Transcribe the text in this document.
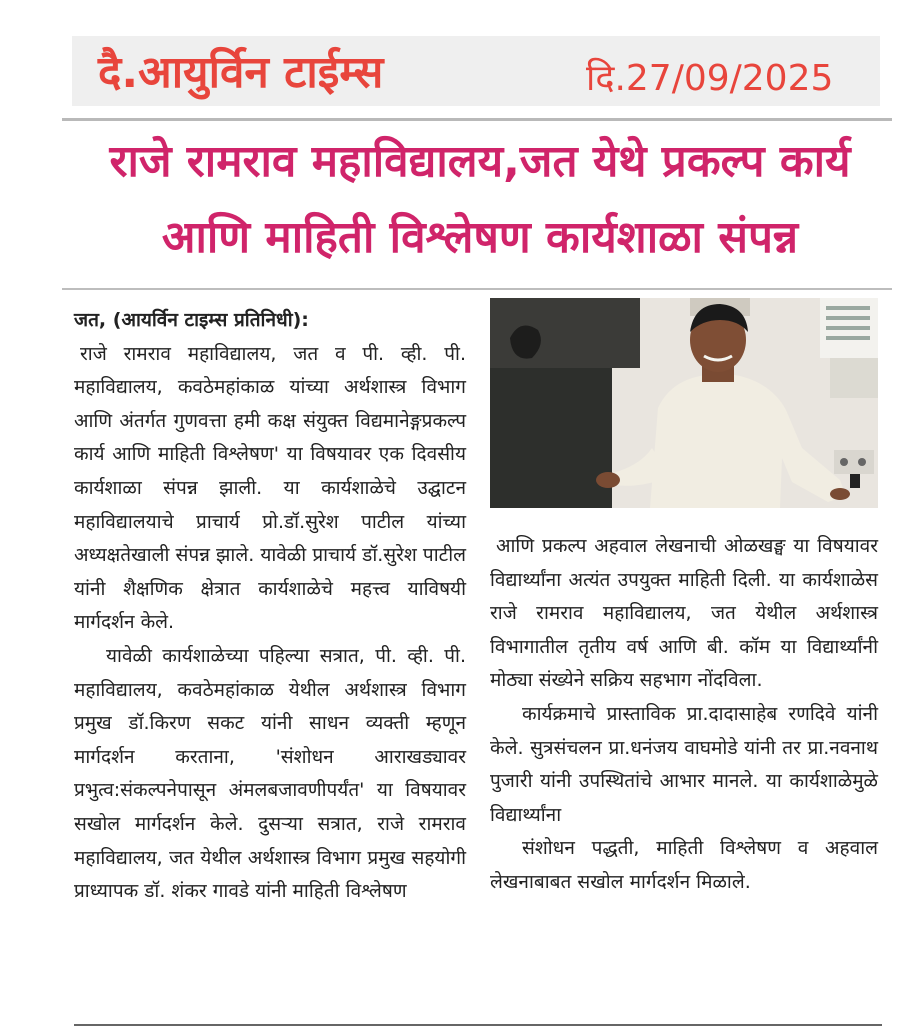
दै.आयुर्विन टाईम्स	दि.27/09/2025
राजे रामराव महाविद्यालय,जत येथे प्रकल्प कार्य
आणि माहिती विश्लेषण कार्यशाळा संपन्न

जत, (आयर्विन टाइम्स प्रतिनिधी):

राजे रामराव महाविद्यालय, जत व पी. व्ही. पी. महाविद्यालय, कवठेमहांकाळ यांच्या अर्थशास्त्र विभाग आणि अंतर्गत गुणवत्ता हमी कक्ष संयुक्त विद्यमानेङ्गप्रकल्प कार्य आणि माहिती विश्लेषण' या विषयावर एक दिवसीय कार्यशाळा संपन्न झाली. या कार्यशाळेचे उद्घाटन महाविद्यालयाचे प्राचार्य प्रो.डॉ.सुरेश पाटील यांच्या अध्यक्षतेखाली संपन्न झाले. यावेळी प्राचार्य डॉ.सुरेश पाटील यांनी शैक्षणिक क्षेत्रात कार्यशाळेचे महत्त्व याविषयी मार्गदर्शन केले.

यावेळी कार्यशाळेच्या पहिल्या सत्रात, पी. व्ही. पी. महाविद्यालय, कवठेमहांकाळ येथील अर्थशास्त्र विभाग प्रमुख डॉ.किरण सकट यांनी साधन व्यक्ती म्हणून मार्गदर्शन करताना, 'संशोधन आराखड्यावर प्रभुत्व:संकल्पनेपासून अंमलबजावणीपर्यंत' या विषयावर सखोल मार्गदर्शन केले. दुसऱ्या सत्रात, राजे रामराव महाविद्यालय, जत येथील अर्थशास्त्र विभाग प्रमुख सहयोगी प्राध्यापक डॉ. शंकर गावडे यांनी माहिती विश्लेषण

आणि प्रकल्प अहवाल लेखनाची ओळखङ्घ या विषयावर विद्यार्थ्यांना अत्यंत उपयुक्त माहिती दिली. या कार्यशाळेस राजे रामराव महाविद्यालय, जत येथील अर्थशास्त्र विभागातील तृतीय वर्ष आणि बी. कॉम या विद्यार्थ्यांनी मोठ्या संख्येने सक्रिय सहभाग नोंदविला.

कार्यक्रमाचे प्रास्ताविक प्रा.दादासाहेब रणदिवे यांनी केले. सुत्रसंचलन प्रा.धनंजय वाघमोडे यांनी तर प्रा.नवनाथ पुजारी यांनी उपस्थितांचे आभार मानले. या कार्यशाळेमुळे विद्यार्थ्यांना

संशोधन पद्धती, माहिती विश्लेषण व अहवाल लेखनाबाबत सखोल मार्गदर्शन मिळाले.
